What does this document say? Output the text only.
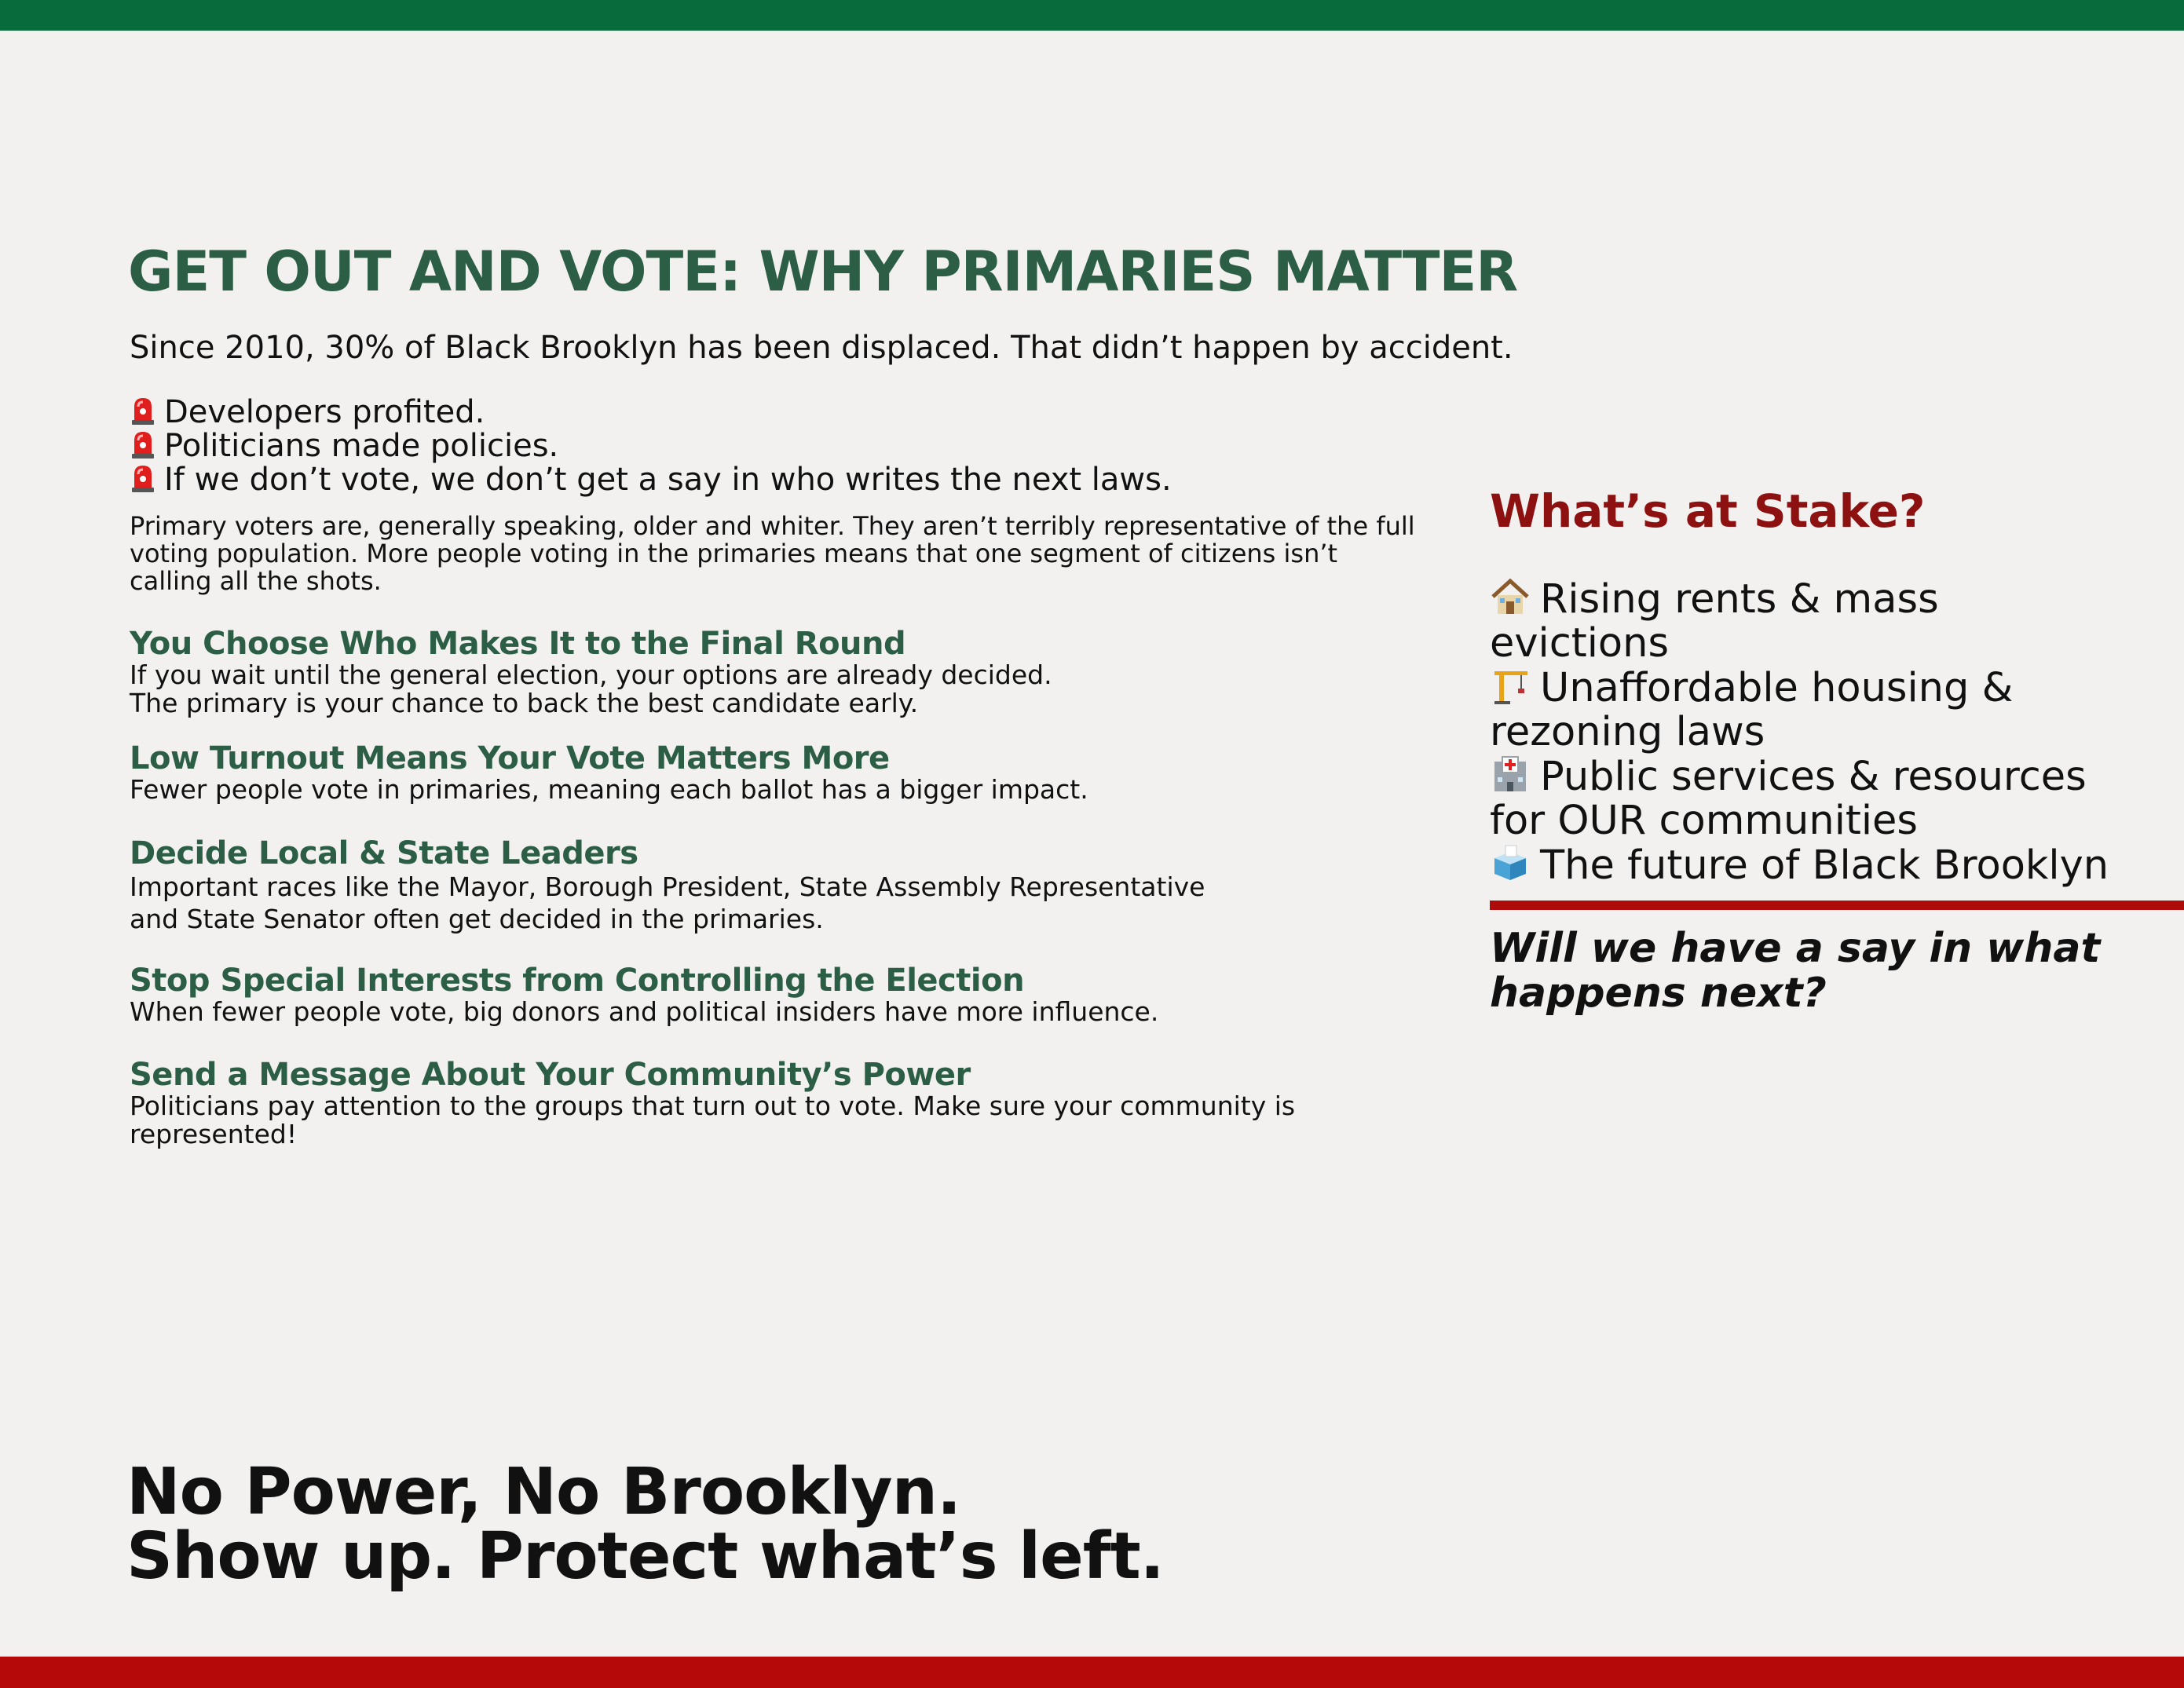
GET OUT AND VOTE: WHY PRIMARIES MATTER

Since 2010, 30% of Black Brooklyn has been displaced. That didn’t happen by accident.

Developers profited.
Politicians made policies.
If we don’t vote, we don’t get a say in who writes the next laws.

Primary voters are, generally speaking, older and whiter. They aren’t terribly representative of the full voting population. More people voting in the primaries means that one segment of citizens isn’t calling all the shots.

You Choose Who Makes It to the Final Round
If you wait until the general election, your options are already decided.
The primary is your chance to back the best candidate early.
Low Turnout Means Your Vote Matters More
Fewer people vote in primaries, meaning each ballot has a bigger impact.
Decide Local & State Leaders
Important races like the Mayor, Borough President, State Assembly Representative
and State Senator often get decided in the primaries.
Stop Special Interests from Controlling the Election
When fewer people vote, big donors and political insiders have more influence.
Send a Message About Your Community’s Power
Politicians pay attention to the groups that turn out to vote. Make sure your community is
represented!
What’s at Stake?
Rising rents & mass
evictions
Unaffordable housing &
rezoning laws
Public services & resources
for OUR communities
The future of Black Brooklyn
Will we have a say in what
happens next?
No Power, No Brooklyn.
Show up. Protect what’s left.
